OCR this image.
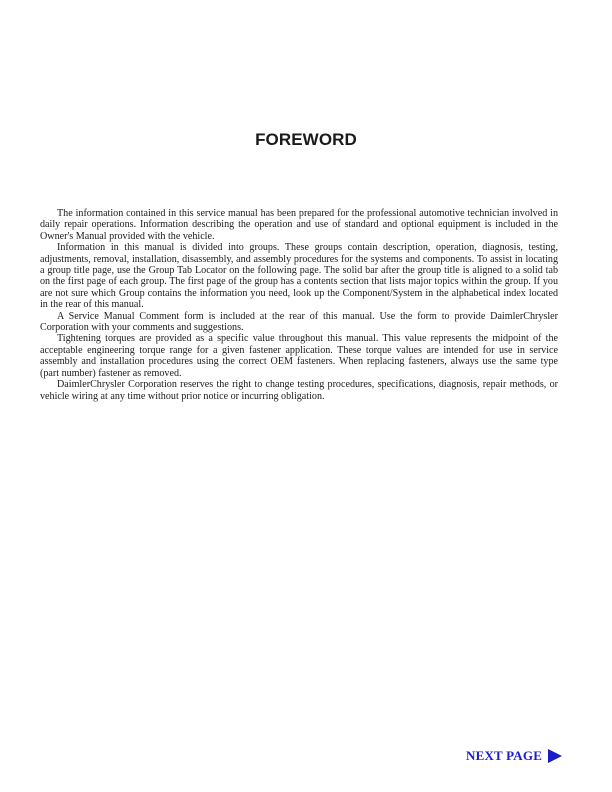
FOREWORD

The information contained in this service manual has been prepared for the professional automotive technician involved in daily repair operations. Information describing the operation and use of standard and optional equipment is included in the Owner's Manual provided with the vehicle.

Information in this manual is divided into groups. These groups contain description, operation, diagnosis, testing, adjustments, removal, installation, disassembly, and assembly procedures for the systems and components. To assist in locating a group title page, use the Group Tab Locator on the following page. The solid bar after the group title is aligned to a solid tab on the first page of each group. The first page of the group has a contents section that lists major topics within the group. If you are not sure which Group contains the information you need, look up the Component/System in the alphabetical index located in the rear of this manual.

A Service Manual Comment form is included at the rear of this manual. Use the form to provide DaimlerChrysler Corporation with your comments and suggestions.

Tightening torques are provided as a specific value throughout this manual. This value represents the midpoint of the acceptable engineering torque range for a given fastener application. These torque values are intended for use in service assembly and installation procedures using the correct OEM fasteners. When replacing fasteners, always use the same type (part number) fastener as removed.

DaimlerChrysler Corporation reserves the right to change testing procedures, specifications, diagnosis, repair methods, or vehicle wiring at any time without prior notice or incurring obligation.

NEXT PAGE
